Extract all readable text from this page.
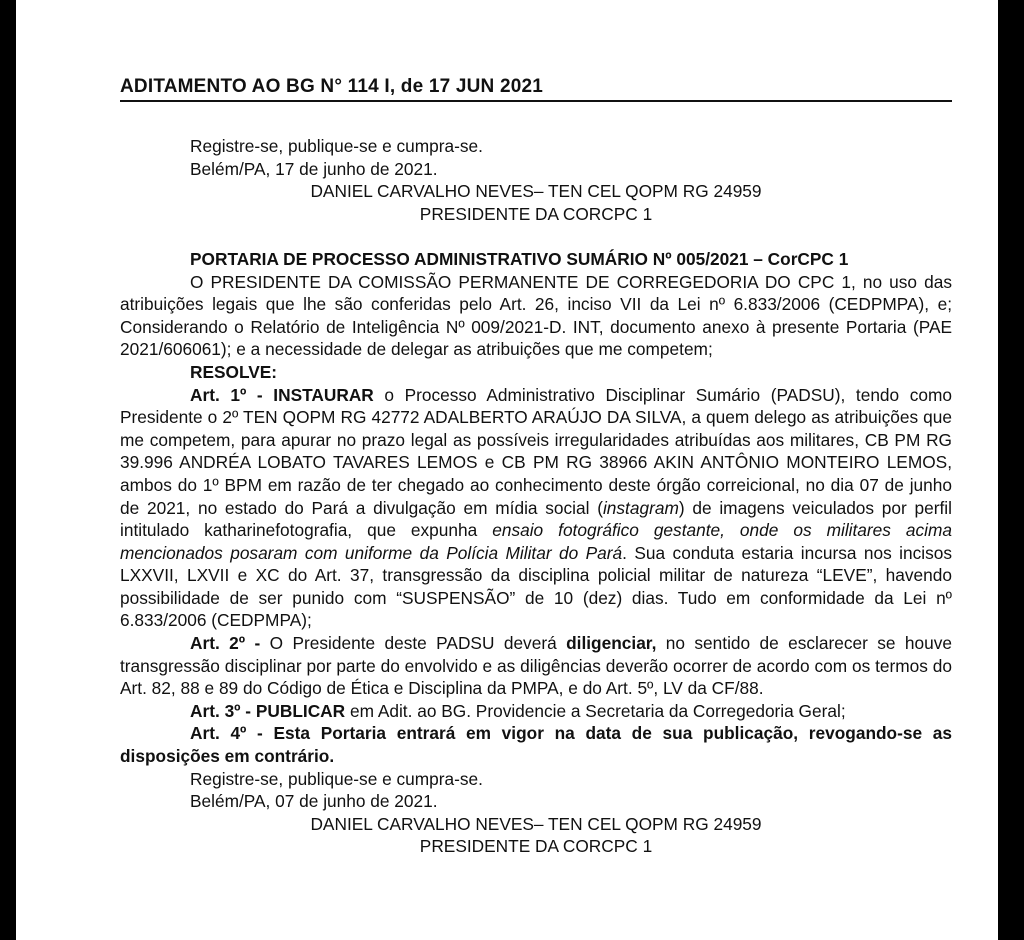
ADITAMENTO AO BG N° 114 I, de 17 JUN 2021

Registre-se, publique-se e cumpra-se.

Belém/PA, 17 de junho de 2021.

DANIEL CARVALHO NEVES– TEN CEL QOPM RG 24959

PRESIDENTE DA CORCPC 1

PORTARIA DE PROCESSO ADMINISTRATIVO SUMÁRIO Nº 005/2021 – CorCPC 1

O PRESIDENTE DA COMISSÃO PERMANENTE DE CORREGEDORIA DO CPC 1, no uso das atribuições legais que lhe são conferidas pelo Art. 26, inciso VII da Lei nº 6.833/2006 (CEDPMPA), e; Considerando o Relatório de Inteligência Nº 009/2021-D. INT, documento anexo à presente Portaria (PAE 2021/606061); e a necessidade de delegar as atribuições que me competem;

RESOLVE:

Art. 1º - INSTAURAR o Processo Administrativo Disciplinar Sumário (PADSU), tendo como Presidente o 2º TEN QOPM RG 42772 ADALBERTO ARAÚJO DA SILVA, a quem delego as atribuições que me competem, para apurar no prazo legal as possíveis irregularidades atribuídas aos militares, CB PM RG 39.996 ANDRÉA LOBATO TAVARES LEMOS e CB PM RG 38966 AKIN ANTÔNIO MONTEIRO LEMOS, ambos do 1º BPM em razão de ter chegado ao conhecimento deste órgão correicional, no dia 07 de junho de 2021, no estado do Pará a divulgação em mídia social (instagram) de imagens veiculados por perfil intitulado katharinefotografia, que expunha ensaio fotográfico gestante, onde os militares acima mencionados posaram com uniforme da Polícia Militar do Pará. Sua conduta estaria incursa nos incisos LXXVII, LXVII e XC do Art. 37, transgressão da disciplina policial militar de natureza “LEVE”, havendo possibilidade de ser punido com “SUSPENSÃO” de 10 (dez) dias. Tudo em conformidade da Lei nº 6.833/2006 (CEDPMPA);

Art. 2º - O Presidente deste PADSU deverá diligenciar, no sentido de esclarecer se houve transgressão disciplinar por parte do envolvido e as diligências deverão ocorrer de acordo com os termos do Art. 82, 88 e 89 do Código de Ética e Disciplina da PMPA, e do Art. 5º, LV da CF/88.

Art. 3º - PUBLICAR em Adit. ao BG. Providencie a Secretaria da Corregedoria Geral;

Art. 4º - Esta Portaria entrará em vigor na data de sua publicação, revogando-se as disposições em contrário.

Registre-se, publique-se e cumpra-se.

Belém/PA, 07 de junho de 2021.

DANIEL CARVALHO NEVES– TEN CEL QOPM RG 24959

PRESIDENTE DA CORCPC 1
